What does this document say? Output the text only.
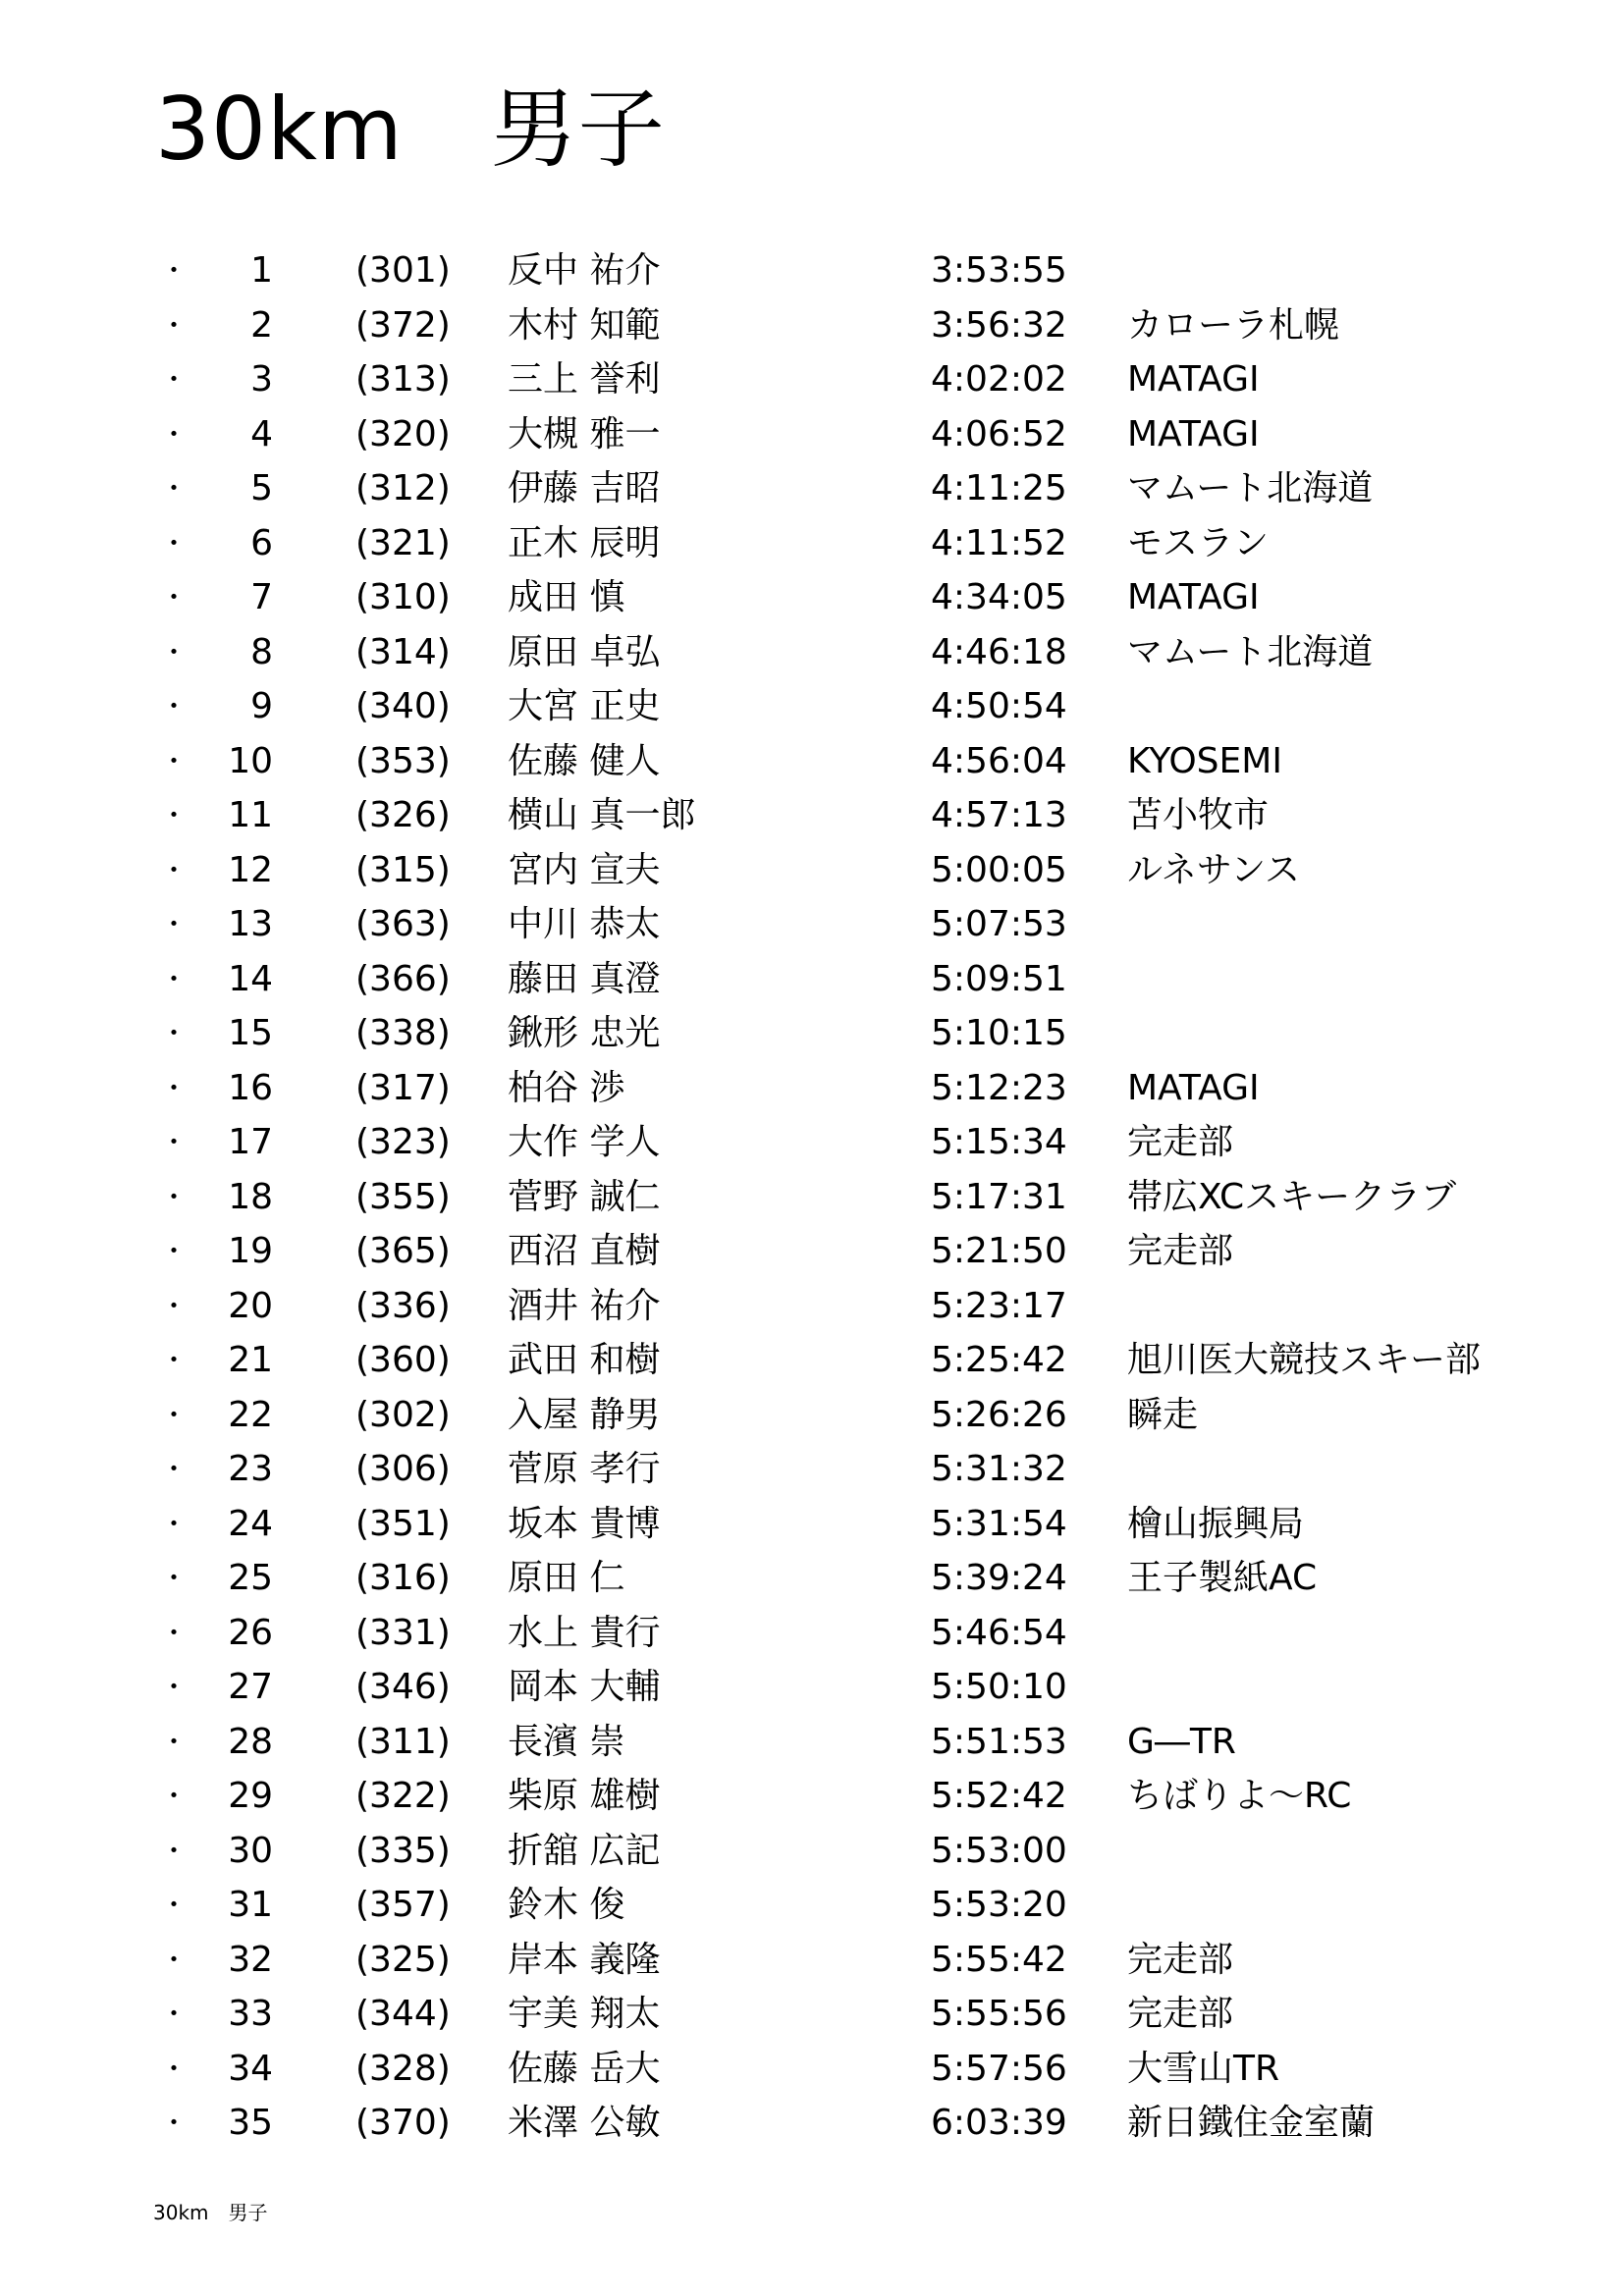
30km　男子
・	1 (301) 反中 祐介	3:53:55
・	2 (372) 木村 知範	3:56:32 カローラ札幌
・	3 (313) 三上 誉利	4:02:02 MATAGI
・	4 (320) 大槻 雅一	4:06:52 MATAGI
・	5 (312) 伊藤 吉昭	4:11:25 マムート北海道
・	6 (321) 正木 辰明	4:11:52 モスラン
・	7 (310) 成田 慎	4:34:05 MATAGI
・	8 (314) 原田 卓弘	4:46:18 マムート北海道
・	9 (340) 大宮 正史	4:50:54
・	10 (353) 佐藤 健人	4:56:04 KYOSEMI
・	11 (326) 横山 真一郎	4:57:13 苫小牧市
・	12 (315) 宮内 宣夫	5:00:05 ルネサンス
・	13 (363) 中川 恭太	5:07:53
・	14 (366) 藤田 真澄	5:09:51
・	15 (338) 鍬形 忠光	5:10:15
・	16 (317) 柏谷 渉	5:12:23 MATAGI
・	17 (323) 大作 学人	5:15:34 完走部
・	18 (355) 菅野 誠仁	5:17:31 帯広XCスキークラブ
・	19 (365) 西沼 直樹	5:21:50 完走部
・	20 (336) 酒井 祐介	5:23:17
・	21 (360) 武田 和樹	5:25:42 旭川医大競技スキー部
・	22 (302) 入屋 静男	5:26:26 瞬走
・	23 (306) 菅原 孝行	5:31:32
・	24 (351) 坂本 貴博	5:31:54 檜山振興局
・	25 (316) 原田 仁	5:39:24 王子製紙AC
・	26 (331) 水上 貴行	5:46:54
・	27 (346) 岡本 大輔	5:50:10
・	28 (311) 長濱 崇	5:51:53 G―TR
・	29 (322) 柴原 雄樹	5:52:42 ちばりよ～RC
・	30 (335) 折舘 広記	5:53:00
・	31 (357) 鈴木 俊	5:53:20
・	32 (325) 岸本 義隆	5:55:42 完走部
・	33 (344) 宇美 翔太	5:55:56 完走部
・	34 (328) 佐藤 岳大	5:57:56 大雪山TR
・	35 (370) 米澤 公敏	6:03:39 新日鐵住金室蘭
30km　男子
